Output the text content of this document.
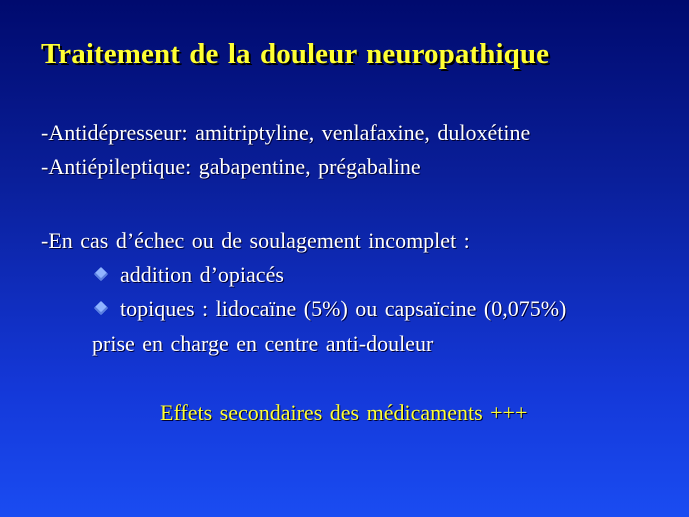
Traitement de la douleur neuropathique
-Antidépresseur: amitriptyline, venlafaxine, duloxétine
-Antiépileptique: gabapentine, prégabaline
-En cas d’échec ou de soulagement incomplet :
addition d’opiacés
topiques : lidocaïne (5%) ou capsaïcine (0,075%)
prise en charge en centre anti-douleur
Effets secondaires des médicaments +++
